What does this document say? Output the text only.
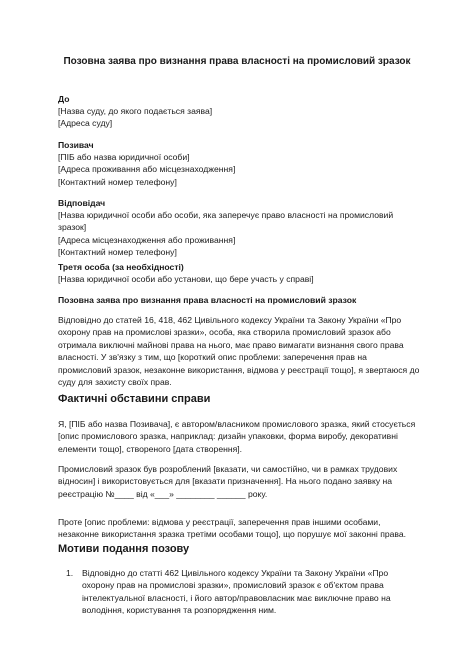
Позовна заява про визнання права власності на промисловий зразок

До

[Назва суду, до якого подається заява]

[Адреса суду]

Позивач

[ПІБ або назва юридичної особи]

[Адреса проживання або місцезнаходження]

[Контактний номер телефону]

Відповідач

[Назва юридичної особи або особи, яка заперечує право власності на промисловий

зразок]

[Адреса місцезнаходження або проживання]

[Контактний номер телефону]

Третя особа (за необхідності)

[Назва юридичної особи або установи, що бере участь у справі]

Позовна заява про визнання права власності на промисловий зразок

Відповідно до статей 16, 418, 462 Цивільного кодексу України та Закону України «Про охорону прав на промислові зразки», особа, яка створила промисловий зразок або отримала виключні майнові права на нього, має право вимагати визнання свого права власності. У зв'язку з тим, що [короткий опис проблеми: заперечення прав на промисловий зразок, незаконне використання, відмова у реєстрації тощо], я звертаюся до суду для захисту своїх прав.

Фактичні обставини справи

Я, [ПІБ або назва Позивача], є автором/власником промислового зразка, який стосується [опис промислового зразка, наприклад: дизайн упаковки, форма виробу, декоративні елементи тощо], створеного [дата створення].

Промисловий зразок був розроблений [вказати, чи самостійно, чи в рамках трудових відносин] і використовується для [вказати призначення]. На нього подано заявку на реєстрацію №____ від «___» ________ ______ року.

Проте [опис проблеми: відмова у реєстрації, заперечення прав іншими особами, незаконне використання зразка третіми особами тощо], що порушує мої законні права.

Мотиви подання позову
1. Відповідно до статті 462 Цивільного кодексу України та Закону України «Про охорону прав на промислові зразки», промисловий зразок є об'єктом права інтелектуальної власності, і його автор/правовласник має виключне право на володіння, користування та розпорядження ним.
